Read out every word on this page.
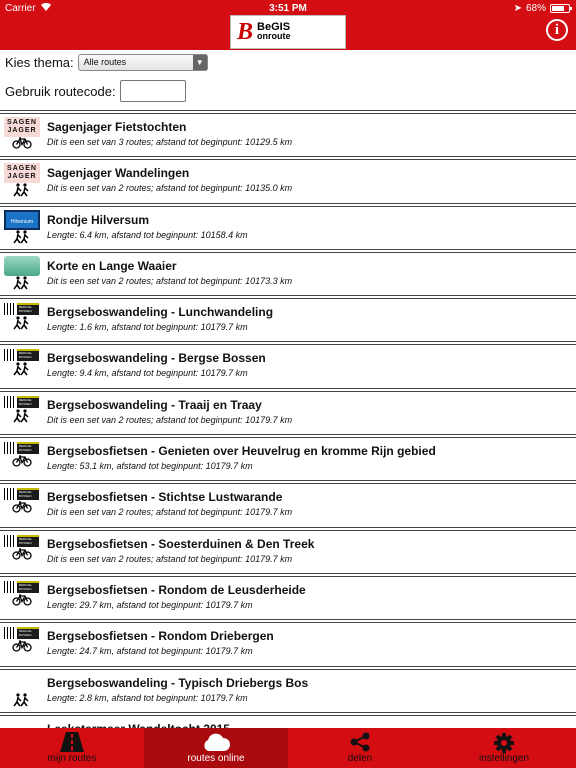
Carrier	3:51 PM	➤ 68%
B BeGIS
onroute	i
Kies thema:	Alle routes	▼
Gebruik routecode:
SAGEN
JAGER Sagenjager Fietstochten
Dit is een set van 3 routes; afstand tot beginpunt: 10129.5 km
SAGEN
JAGER Sagenjager Wandelingen
Dit is een set van 2 routes; afstand tot beginpunt: 10135.0 km
Hilversum	Rondje Hilversum
Lengte: 6.4 km, afstand tot beginpunt: 10158.4 km
Korte en Lange Waaier
Dit is een set van 2 routes; afstand tot beginpunt: 10173.3 km
BERGSE BOSSEN	Bergseboswandeling - Lunchwandeling
Lengte: 1.6 km, afstand tot beginpunt: 10179.7 km
BERGSE BOSSEN	Bergseboswandeling - Bergse Bossen
Lengte: 9.4 km, afstand tot beginpunt: 10179.7 km
BERGSE BOSSEN	Bergseboswandeling - Traaij en Traay
Dit is een set van 2 routes; afstand tot beginpunt: 10179.7 km
BERGSE BOSSEN	Bergsebosfietsen - Genieten over Heuvelrug en kromme Rijn gebied
Lengte: 53.1 km, afstand tot beginpunt: 10179.7 km
BERGSE BOSSEN	Bergsebosfietsen - Stichtse Lustwarande
Dit is een set van 2 routes; afstand tot beginpunt: 10179.7 km
BERGSE BOSSEN	Bergsebosfietsen - Soesterduinen & Den Treek
Dit is een set van 2 routes; afstand tot beginpunt: 10179.7 km
BERGSE BOSSEN	Bergsebosfietsen - Rondom de Leusderheide
Lengte: 29.7 km, afstand tot beginpunt: 10179.7 km
BERGSE BOSSEN	Bergsebosfietsen - Rondom Driebergen
Lengte: 24.7 km, afstand tot beginpunt: 10179.7 km
Bergseboswandeling - Typisch Driebergs Bos
Lengte: 2.8 km, afstand tot beginpunt: 10179.7 km
mijn routes	routes online	delen	instellingen
